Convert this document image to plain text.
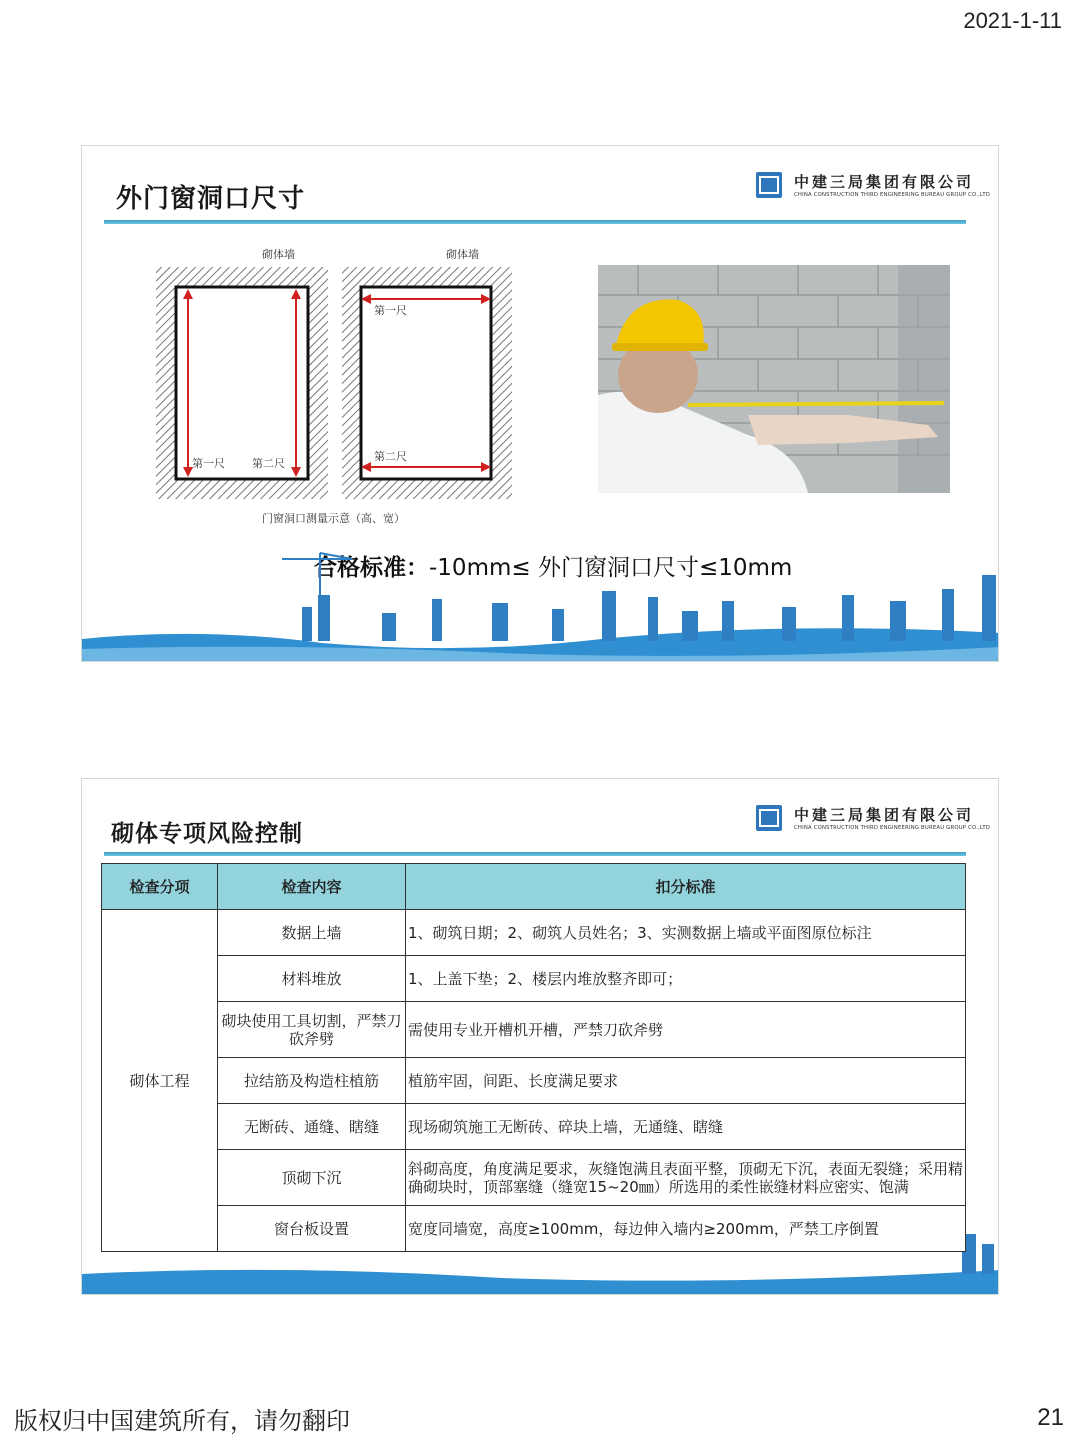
2021-1-11
外门窗洞口尺寸
中建三局集团有限公司
CHINA CONSTRUCTION THIRD ENGINEERING BUREAU GROUP CO.,LTD
砌体墙
第一尺 第二尺
砌体墙
第一尺
第二尺
门窗洞口测量示意（高、宽）
合格标准：-10mm≤ 外门窗洞口尺寸≤10mm
砌体专项风险控制
中建三局集团有限公司
CHINA CONSTRUCTION THIRD ENGINEERING BUREAU GROUP CO.,LTD
检查分项	检查内容	扣分标准
砌体工程	数据上墙	1、砌筑日期；2、砌筑人员姓名；3、实测数据上墙或平面图原位标注
	材料堆放	1、上盖下垫；2、楼层内堆放整齐即可；
	砌块使用工具切割，严禁刀砍斧劈	需使用专业开槽机开槽，严禁刀砍斧劈
	拉结筋及构造柱植筋	植筋牢固，间距、长度满足要求
	无断砖、通缝、瞎缝	现场砌筑施工无断砖、碎块上墙，无通缝、瞎缝
	顶砌下沉	斜砌高度，角度满足要求，灰缝饱满且表面平整，顶砌无下沉，表面无裂缝；采用精确砌块时，顶部塞缝（缝宽15~20㎜）所选用的柔性嵌缝材料应密实、饱满
	窗台板设置	宽度同墙宽，高度≥100mm，每边伸入墙内≥200mm，严禁工序倒置
版权归中国建筑所有，请勿翻印	21
